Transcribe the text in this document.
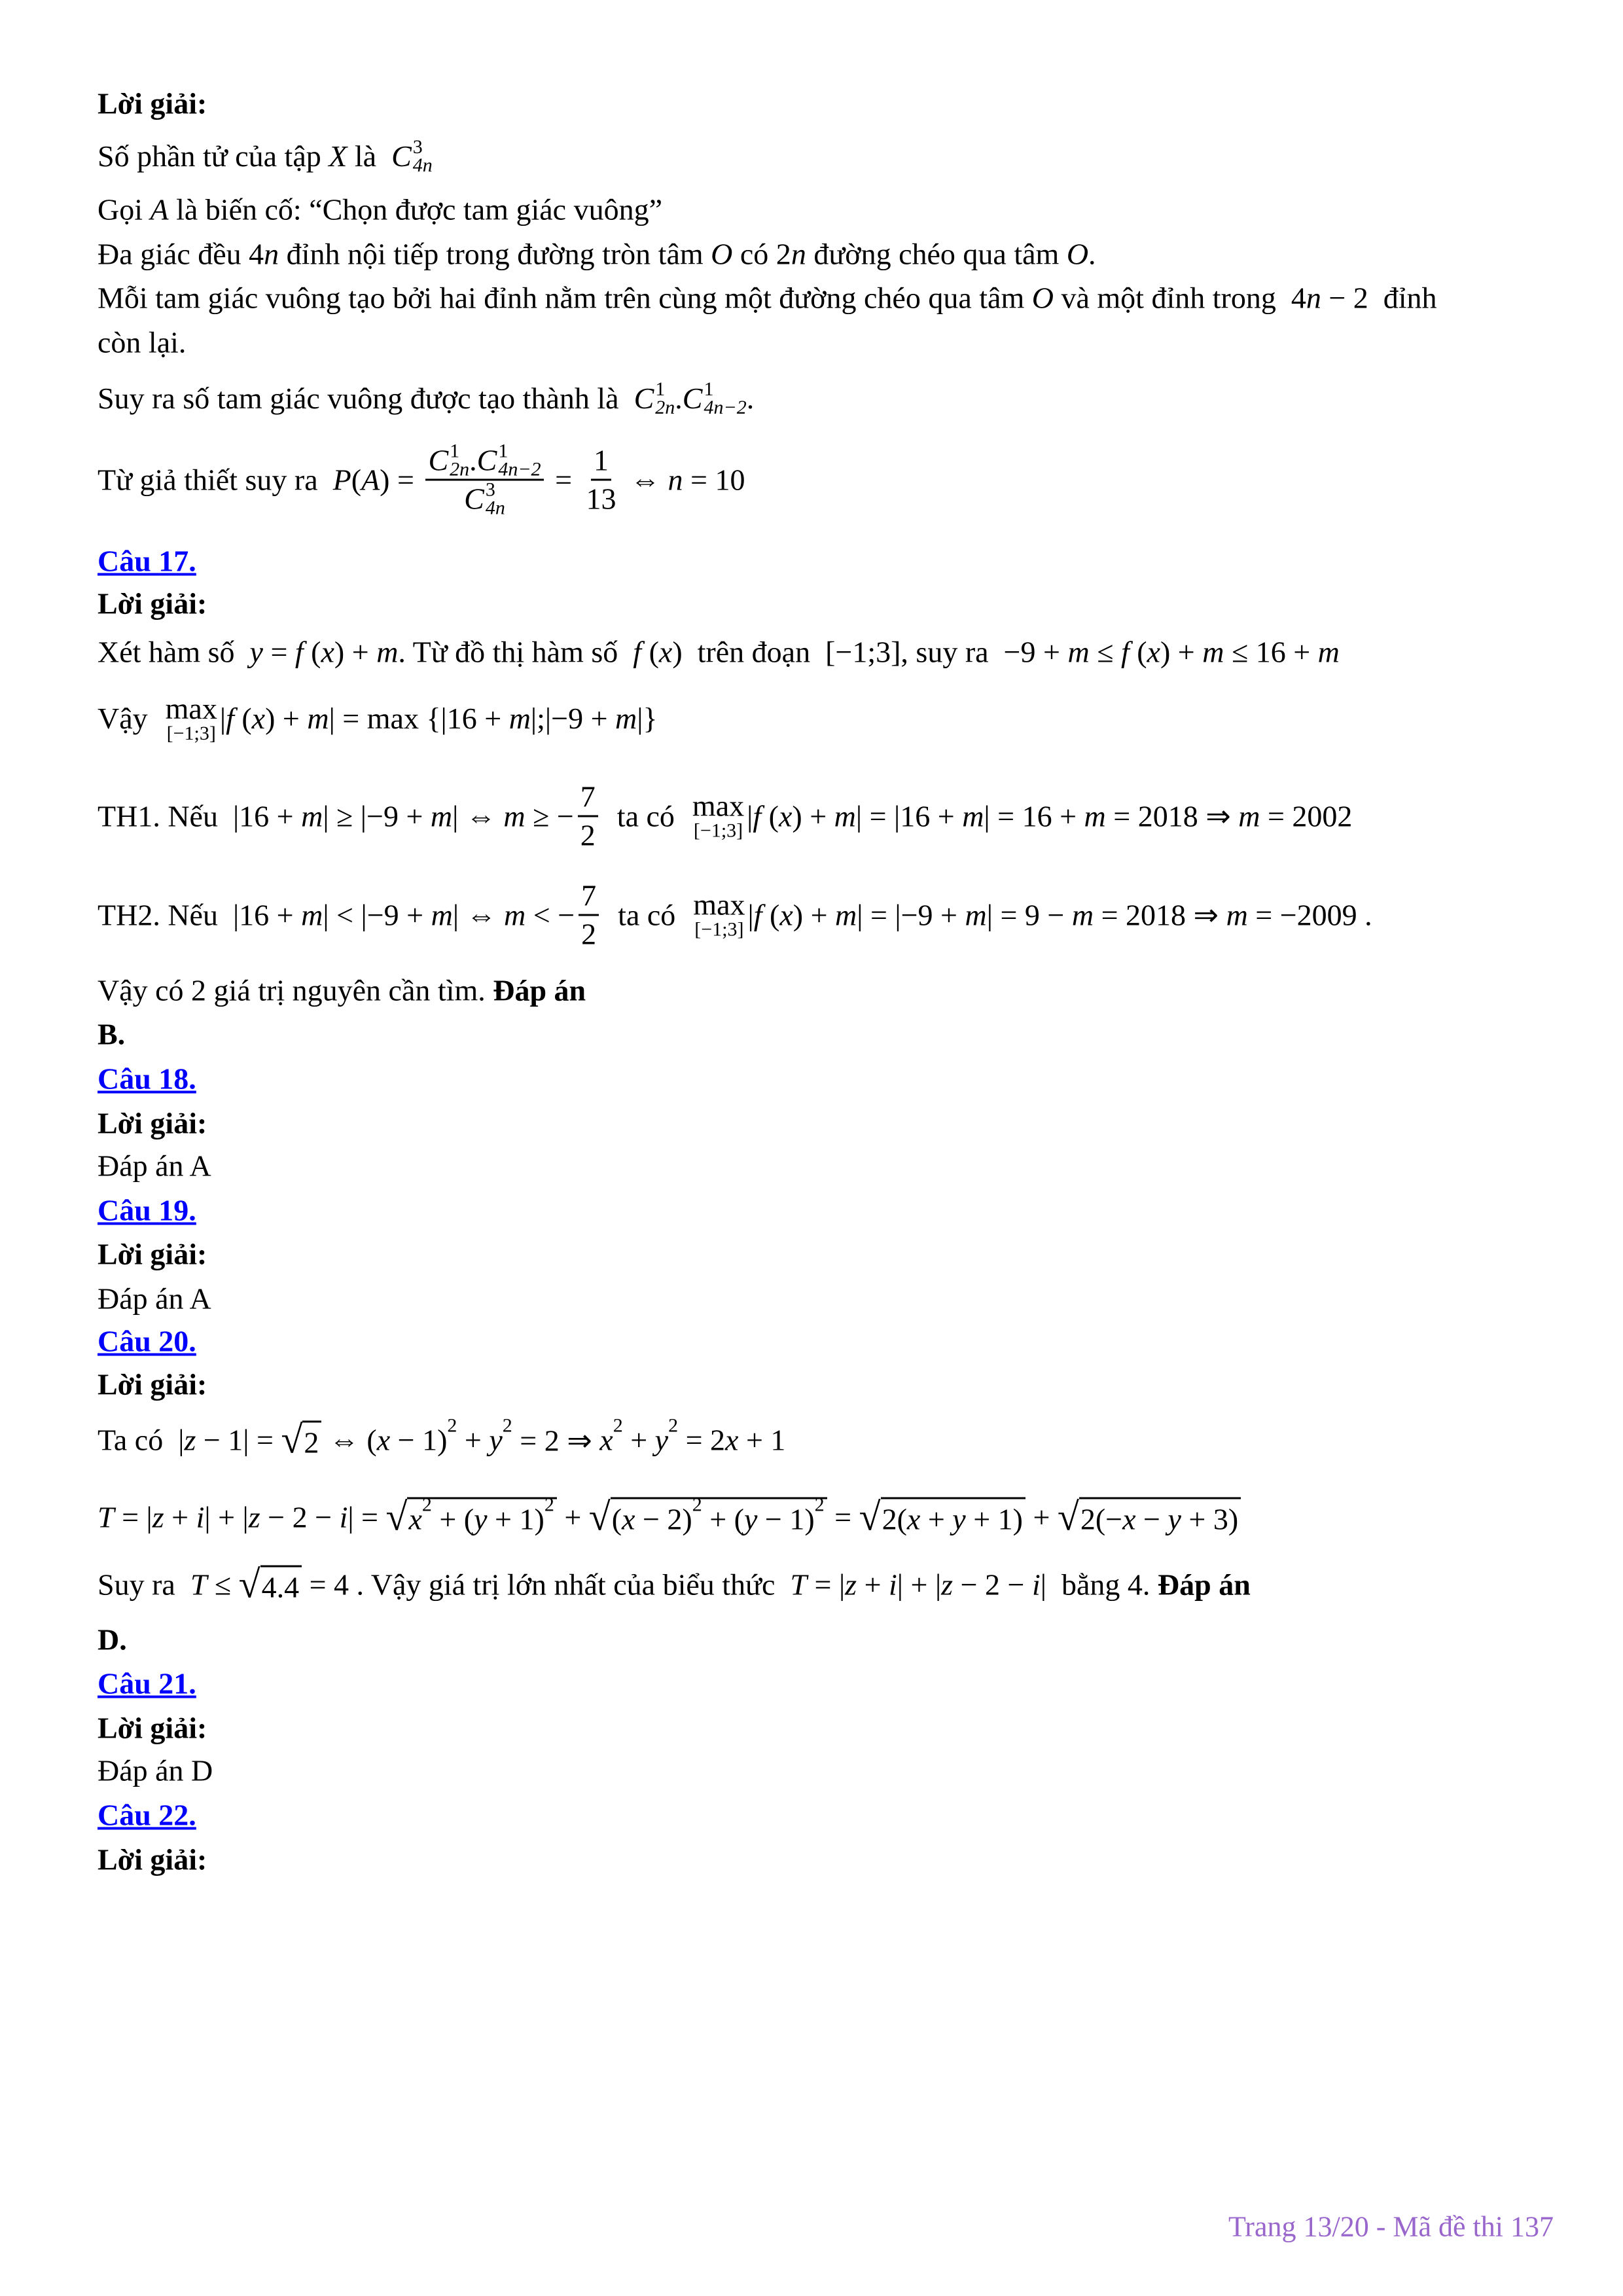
Lời giải:
Số phần tử của tập X là C 3
4n
Gọi A là biến cố: “Chọn được tam giác vuông”
Đa giác đều 4 n đỉnh nội tiếp trong đường tròn tâm O có 2 n đường chéo qua tâm O .
Mỗi tam giác vuông tạo bởi hai đỉnh nằm trên cùng một đường chéo qua tâm O và một đỉnh trong  4 n − 2  đỉnh
còn lại.
Suy ra số tam giác vuông được tạo thành là C 1
2n . C 1
4n−2 .
Từ giả thiết suy ra P ( A ) = C 1
2n . C 1
4n−2
C 3
$4n = \frac{1}{13}$ ⇔ n = 10
Câu 17.
Lời giải:
Xét hàm số y = f ( x ) + m . Từ đồ thị hàm số f ( x )  trên đoạn  [−1;3], suy ra  −9 + m ≤ f ( x ) + m ≤ 16 + m
Vậy max
[−1;3] | f ( x ) + m | = max {|16 + m |;|−9 + m |}
TH1. Nếu  |16 + m | ≥ |−9 + m | ⇔ m ≥ − $\frac{7}{2}$ ta có max
[−1;3] | f ( x ) + m | = |16 + m | = 16 + m = 2018 ⇒ m = 2002
TH2. Nếu  |16 + m | < |−9 + m | ⇔ m < − $\frac{7}{2}$ ta có max
[−1;3] | f ( x ) + m | = |−9 + m | = 9 − m = 2018 ⇒ m = −2009 .
Vậy có 2 giá trị nguyên cần tìm. Đáp án
B.
Câu 18.
Lời giải:
Đáp án A
Câu 19.
Lời giải:
Đáp án A
Câu 20.
Lời giải:
Ta có  | z − 1| = √ 2 ⇔ ( x − 1) 2 + y 2 = 2 ⇒ x 2 + y 2 = 2 x + 1
T = | z + i | + | z − 2 − i | = √ x 2 + ( y + 1) 2 + √ ( x − 2) 2 + ( y − 1) 2 = √ 2( x + y + 1) + √ 2(− x − y + 3)
Suy ra T ≤ √ 4.4 = 4 . Vậy giá trị lớn nhất của biểu thức T = | z + i | + | z − 2 − i |  bằng 4. Đáp án
D.
Câu 21.
Lời giải:
Đáp án D
Câu 22.
Lời giải:
Trang 13/20 - Mã đề thi 137
